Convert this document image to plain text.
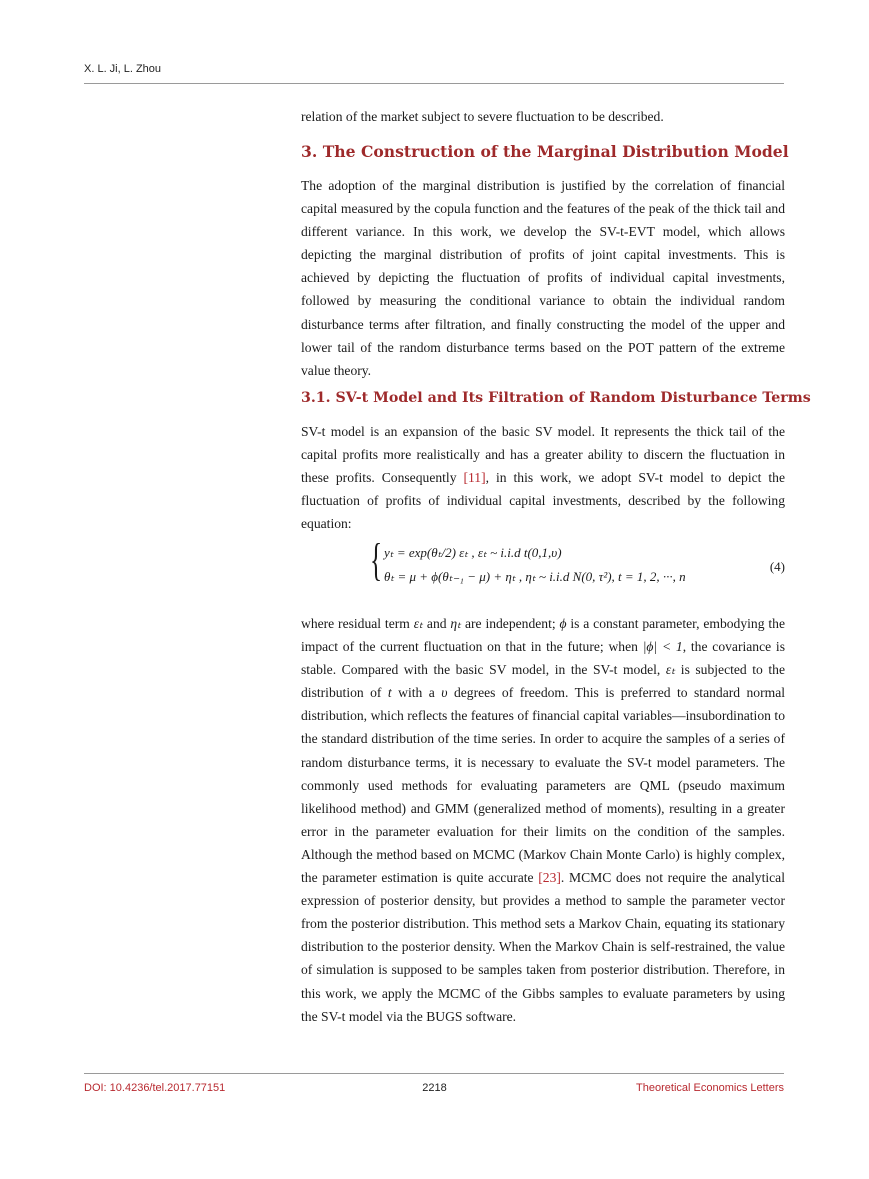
X. L. Ji, L. Zhou
relation of the market subject to severe fluctuation to be described.
3. The Construction of the Marginal Distribution Model
The adoption of the marginal distribution is justified by the correlation of financial capital measured by the copula function and the features of the peak of the thick tail and different variance. In this work, we develop the SV-t-EVT model, which allows depicting the marginal distribution of profits of joint capital investments. This is achieved by depicting the fluctuation of profits of individual capital investments, followed by measuring the conditional variance to obtain the individual random disturbance terms after filtration, and finally constructing the model of the upper and lower tail of the random disturbance terms based on the POT pattern of the extreme value theory.
3.1. SV-t Model and Its Filtration of Random Disturbance Terms
SV-t model is an expansion of the basic SV model. It represents the thick tail of the capital profits more realistically and has a greater ability to discern the fluctuation in these profits. Consequently [11], in this work, we adopt SV-t model to depict the fluctuation of profits of individual capital investments, described by the following equation:
{ yₜ = exp(θₜ/2) εₜ , εₜ ~ i.i.d t(0,1,υ)
θₜ = μ + ϕ(θₜ₋₁ − μ) + ηₜ , ηₜ ~ i.i.d N(0, τ²), t = 1, 2, ···, n
(4)
where residual term εₜ and ηₜ are independent; ϕ is a constant parameter, embodying the impact of the current fluctuation on that in the future; when |ϕ| < 1, the covariance is stable. Compared with the basic SV model, in the SV-t model, εₜ is subjected to the distribution of t with a υ degrees of freedom. This is preferred to standard normal distribution, which reflects the features of financial capital variables—insubordination to the standard distribution of the time series. In order to acquire the samples of a series of random disturbance terms, it is necessary to evaluate the SV-t model parameters. The commonly used methods for evaluating parameters are QML (pseudo maximum likelihood method) and GMM (generalized method of moments), resulting in a greater error in the parameter evaluation for their limits on the condition of the samples. Although the method based on MCMC (Markov Chain Monte Carlo) is highly complex, the parameter estimation is quite accurate [23]. MCMC does not require the analytical expression of posterior density, but provides a method to sample the parameter vector from the posterior distribution. This method sets a Markov Chain, equating its stationary distribution to the posterior density. When the Markov Chain is self-restrained, the value of simulation is supposed to be samples taken from posterior distribution. Therefore, in this work, we apply the MCMC of the Gibbs samples to evaluate parameters by using the SV-t model via the BUGS software.
DOI: 10.4236/tel.2017.77151	2218	Theoretical Economics Letters
